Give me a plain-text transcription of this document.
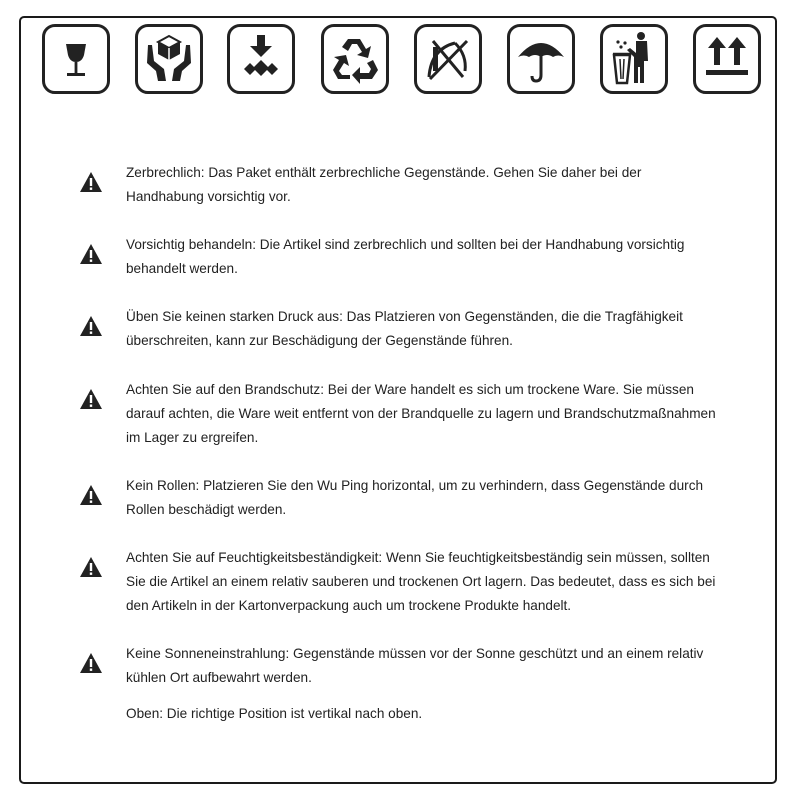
Zerbrechlich: Das Paket enthält zerbrechliche Gegenstände. Gehen Sie daher bei der Handhabung vorsichtig vor.
Vorsichtig behandeln: Die Artikel sind zerbrechlich und sollten bei der Handhabung vorsichtig behandelt werden.
Üben Sie keinen starken Druck aus: Das Platzieren von Gegenständen, die die Tragfähigkeit überschreiten, kann zur Beschädigung der Gegenstände führen.
Achten Sie auf den Brandschutz: Bei der Ware handelt es sich um trockene Ware. Sie müssen darauf achten, die Ware weit entfernt von der Brandquelle zu lagern und Brandschutzmaßnahmen im Lager zu ergreifen.
Kein Rollen: Platzieren Sie den Wu Ping horizontal, um zu verhindern, dass Gegenstände durch Rollen beschädigt werden.
Achten Sie auf Feuchtigkeitsbeständigkeit: Wenn Sie feuchtigkeitsbeständig sein müssen, sollten Sie die Artikel an einem relativ sauberen und trockenen Ort lagern. Das bedeutet, dass es sich bei den Artikeln in der Kartonverpackung auch um trockene Produkte handelt.
Keine Sonneneinstrahlung: Gegenstände müssen vor der Sonne geschützt und an einem relativ kühlen Ort aufbewahrt werden.
Oben: Die richtige Position ist vertikal nach oben.
